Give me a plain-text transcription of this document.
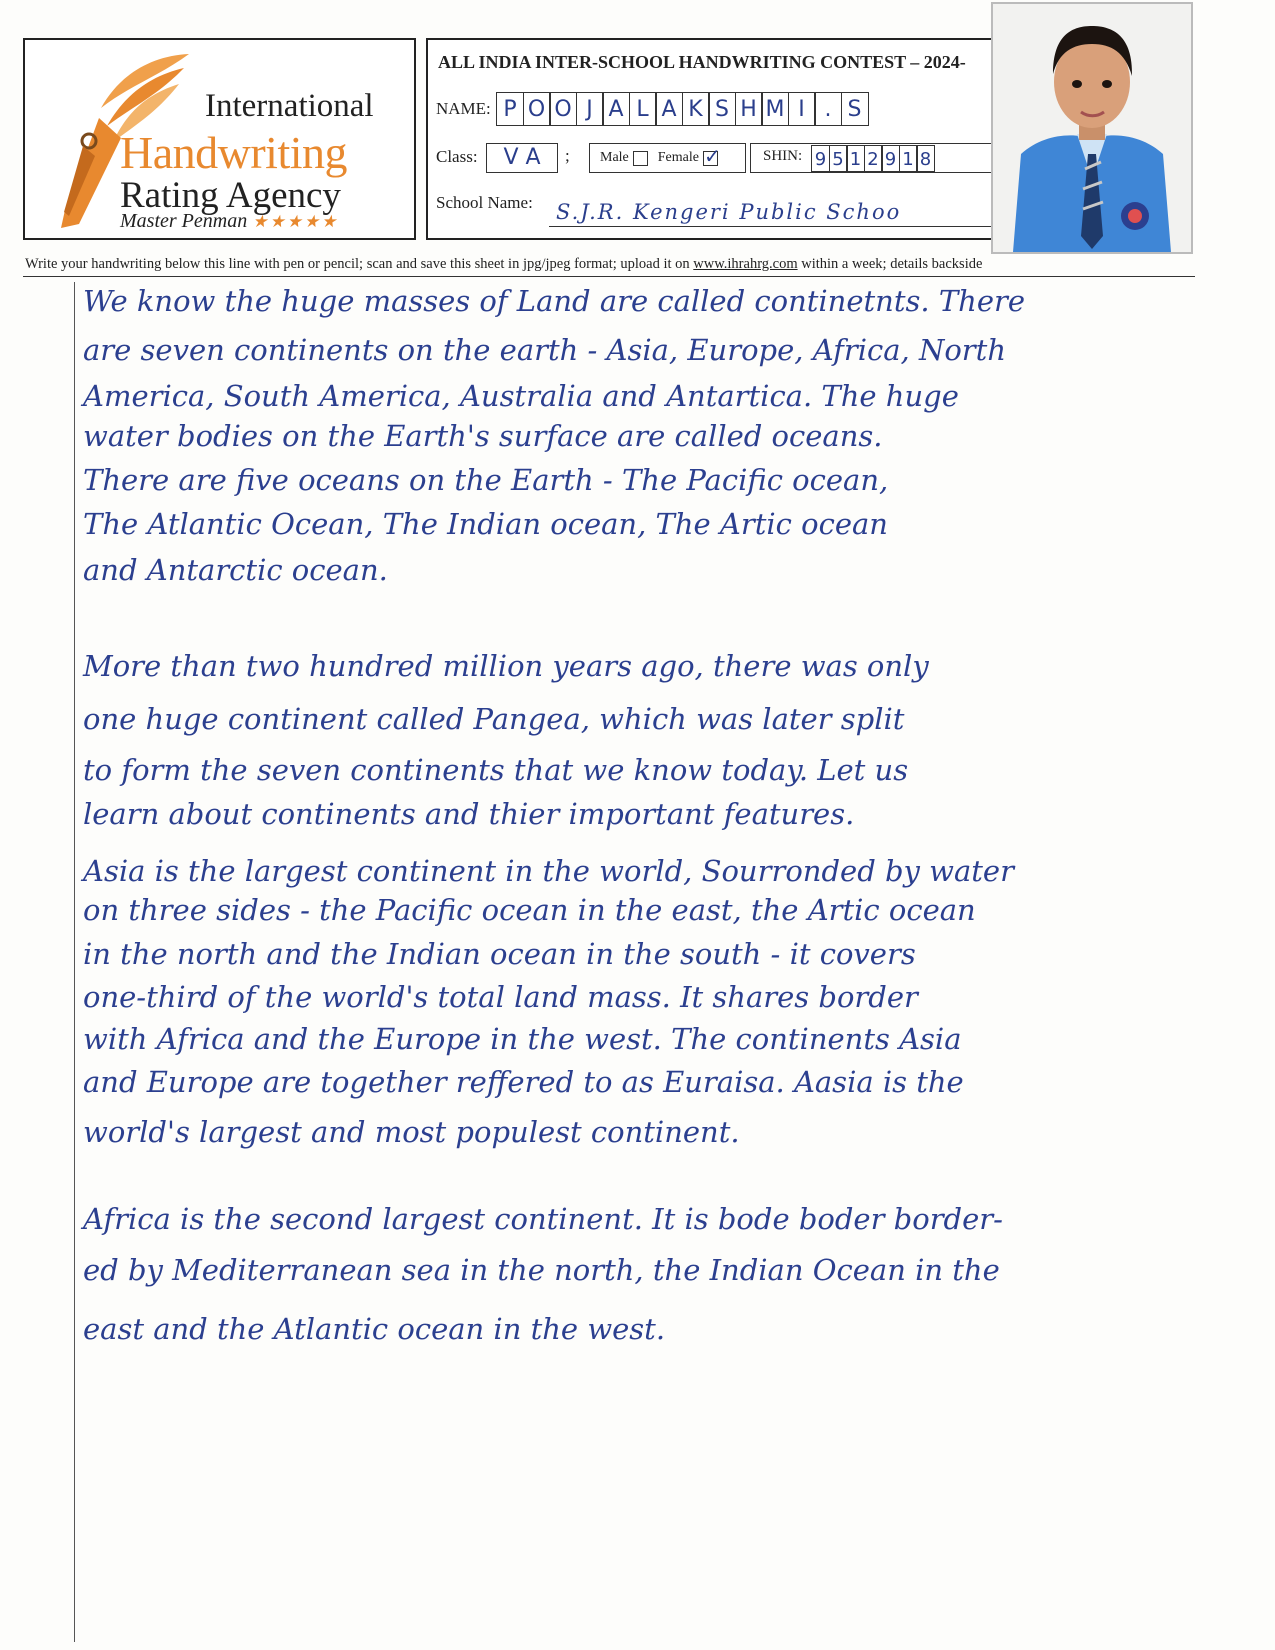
International
Handwriting
Rating Agency
Master Penman ★★★★★
ALL INDIA INTER-SCHOOL HANDWRITING CONTEST – 2024-
NAME: P O O J A L A K S H M I . S
Class:	V A	; Male Female
✓	SHIN: 9 5 1 2 9 1 8
School Name: S.J.R. Kengeri Public Schoo
Write your handwriting below this line with pen or pencil; scan and save this sheet in jpg/jpeg format; upload it on www.ihrahrg.com within a week; details backside
We know the huge masses of Land are called continetnts. There
are seven continents on the earth - Asia, Europe, Africa, North
America, South America, Australia and Antartica. The huge
water bodies on the Earth's surface are called oceans.
There are five oceans on the Earth - The Pacific ocean,
The Atlantic Ocean, The Indian ocean, The Artic ocean
and Antarctic ocean.
More than two hundred million years ago, there was only
one huge continent called Pangea, which was later split
to form the seven continents that we know today. Let us
learn about continents and thier important features.
Asia is the largest continent in the world, Sourronded by water
on three sides - the Pacific ocean in the east, the Artic ocean
in the north and the Indian ocean in the south - it covers
one-third of the world's total land mass. It shares border
with Africa and the Europe in the west. The continents Asia
and Europe are together reffered to as Euraisa. Aasia is the
world's largest and most populest continent.
Africa is the second largest continent. It is bode boder border-
ed by Mediterranean sea in the north, the Indian Ocean in the
east and the Atlantic ocean in the west.
